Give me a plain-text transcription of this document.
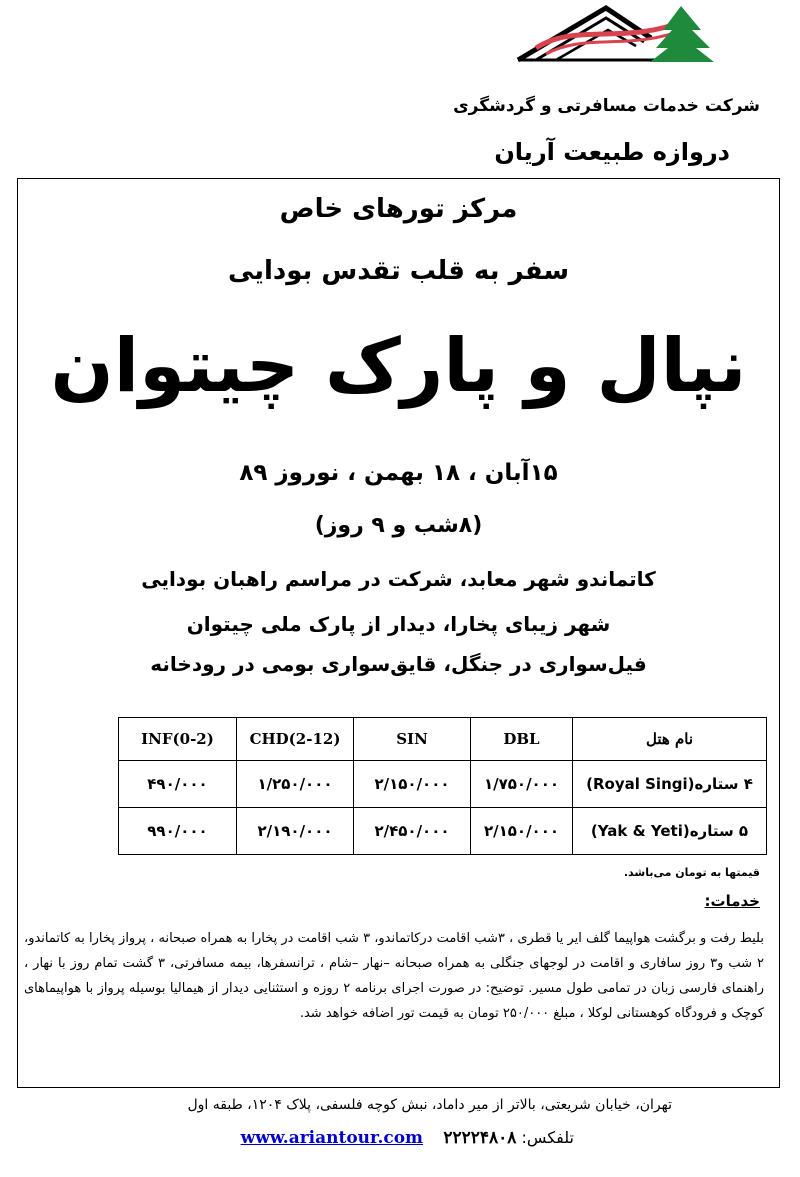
شرکت خدمات مسافرتی و گردشگری
دروازه طبیعت آریان
مرکز تورهای خاص
سفر به قلب تقدس بودایی
نپال و پارک چیتوان
۱۵آبان ، ۱۸ بهمن ، نوروز ۸۹
(۸شب و ۹ روز)
کاتماندو شهر معابد، شرکت در مراسم راهبان بودایی
شهر زیبای پخارا، دیدار از پارک ملی چیتوان
فیل‌سواری در جنگل، قایق‌سواری بومی در رودخانه
نام هتل	DBL	SIN	CHD(2-12)	INF(0-2)
۴ ستاره(Royal Singi)	۱/۷۵۰/۰۰۰	۲/۱۵۰/۰۰۰	۱/۲۵۰/۰۰۰	۴۹۰/۰۰۰
۵ ستاره(Yak & Yeti)	۲/۱۵۰/۰۰۰	۲/۴۵۰/۰۰۰	۲/۱۹۰/۰۰۰	۹۹۰/۰۰۰
قیمتها به تومان می‌باشد.
خدمات:
بلیط رفت و برگشت هواپیما گلف ایر یا قطری ، ۳شب اقامت درکاتماندو، ۳ شب اقامت در پخارا به همراه صبحانه ، پرواز پخارا به کاتماندو، ۲ شب و۳ روز سافاری و اقامت در لوجهای جنگلی به همراه صبحانه –نهار –شام ، ترانسفرها، بیمه مسافرتی، ۳ گشت تمام روز با نهار ، راهنمای فارسی زبان در تمامی طول مسیر. توضیح: در صورت اجرای برنامه ۲ روزه و استثنایی دیدار از هیمالیا بوسیله پرواز با هواپیماهای کوچک و فرودگاه کوهستانی لوکلا ، مبلغ ۲۵۰/۰۰۰ تومان به قیمت تور اضافه خواهد شد.
تهران، خیابان شریعتی، بالاتر از میر داماد، نبش کوچه فلسفی، پلاک ۱۲۰۴، طبقه اول
تلفکس: ۲۲۲۲۴۸۰۸    www.ariantour.com
